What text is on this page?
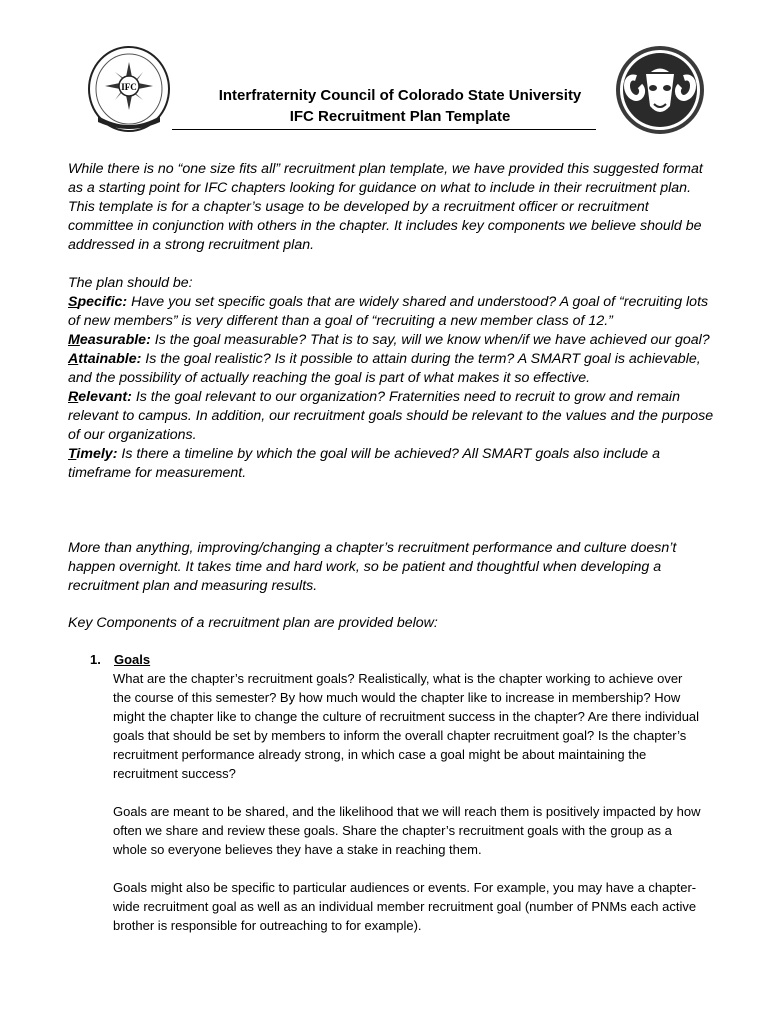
IFC	Interfraternity Council of Colorado State University
IFC Recruitment Plan Template

While there is no “one size fits all” recruitment plan template, we have provided this suggested format as a starting point for IFC chapters looking for guidance on what to include in their recruitment plan. This template is for a chapter’s usage to be developed by a recruitment officer or recruitment committee in conjunction with others in the chapter. It includes key components we believe should be addressed in a strong recruitment plan.

The plan should be:

Specific: Have you set specific goals that are widely shared and understood? A goal of “recruiting lots of new members” is very different than a goal of “recruiting a new member class of 12.”

Measurable: Is the goal measurable? That is to say, will we know when/if we have achieved our goal?

Attainable: Is the goal realistic? Is it possible to attain during the term? A SMART goal is achievable, and the possibility of actually reaching the goal is part of what makes it so effective.

Relevant: Is the goal relevant to our organization? Fraternities need to recruit to grow and remain relevant to campus. In addition, our recruitment goals should be relevant to the values and the purpose of our organizations.

Timely: Is there a timeline by which the goal will be achieved? All SMART goals also include a timeframe for measurement.

More than anything, improving/changing a chapter’s recruitment performance and culture doesn’t happen overnight. It takes time and hard work, so be patient and thoughtful when developing a recruitment plan and measuring results.

Key Components of a recruitment plan are provided below:

1.	Goals

What are the chapter’s recruitment goals? Realistically, what is the chapter working to achieve over the course of this semester? By how much would the chapter like to increase in membership? How might the chapter like to change the culture of recruitment success in the chapter? Are there individual goals that should be set by members to inform the overall chapter recruitment goal? Is the chapter’s recruitment performance already strong, in which case a goal might be about maintaining the recruitment success?

Goals are meant to be shared, and the likelihood that we will reach them is positively impacted by how often we share and review these goals. Share the chapter’s recruitment goals with the group as a whole so everyone believes they have a stake in reaching them.

Goals might also be specific to particular audiences or events. For example, you may have a chapter-wide recruitment goal as well as an individual member recruitment goal (number of PNMs each active brother is responsible for outreaching to for example).
